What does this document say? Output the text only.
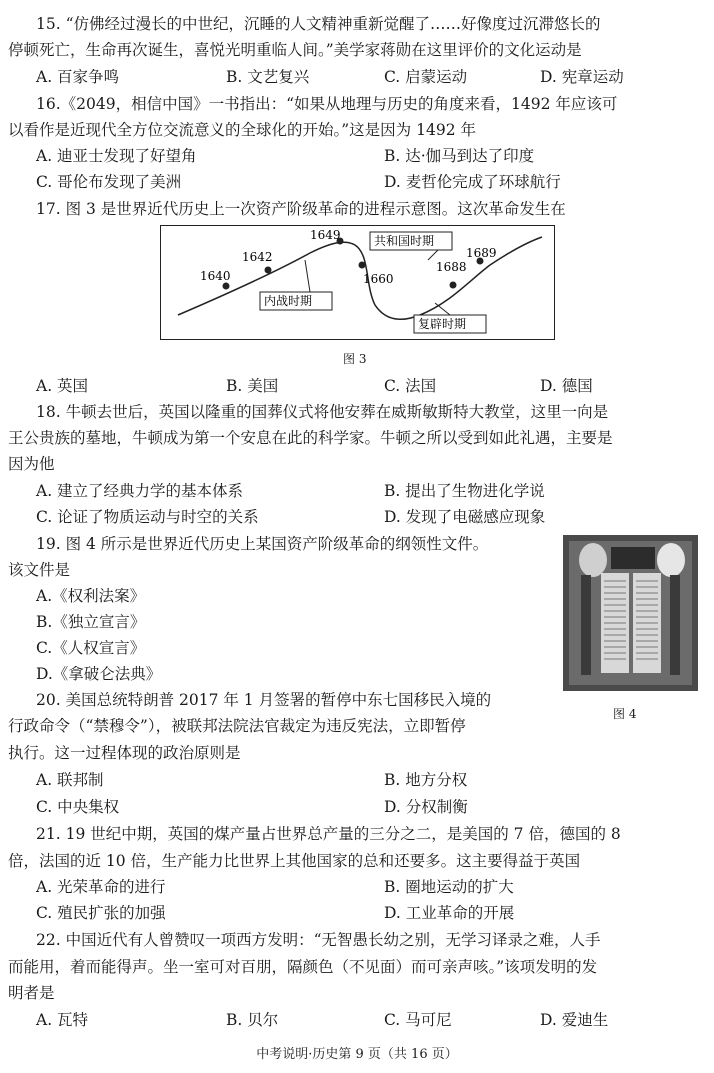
15. “仿佛经过漫长的中世纪，沉睡的人文精神重新觉醒了……好像度过沉滞悠长的
停顿死亡，生命再次诞生，喜悦光明重临人间。”美学家蒋勋在这里评价的文化运动是
A. 百家争鸣	B. 文艺复兴	C. 启蒙运动	D. 宪章运动
16.《2049，相信中国》一书指出：“如果从地理与历史的角度来看，1492 年应该可
以看作是近现代全方位交流意义的全球化的开始。”这是因为 1492 年
A. 迪亚士发现了好望角	B. 达·伽马到达了印度
C. 哥伦布发现了美洲	D. 麦哲伦完成了环球航行
17. 图 3 是世界近代历史上一次资产阶级革命的进程示意图。这次革命发生在
1640
1642
1649
1660
1688
1689
共和国时期
内战时期
复辟时期
图 3
A. 英国	B. 美国	C. 法国	D. 德国
18. 牛顿去世后，英国以隆重的国葬仪式将他安葬在威斯敏斯特大教堂，这里一向是
王公贵族的墓地，牛顿成为第一个安息在此的科学家。牛顿之所以受到如此礼遇，主要是
因为他
A. 建立了经典力学的基本体系	B. 提出了生物进化学说
C. 论证了物质运动与时空的关系	D. 发现了电磁感应现象
19. 图 4 所示是世界近代历史上某国资产阶级革命的纲领性文件。
该文件是
A.《权利法案》
B.《独立宣言》
C.《人权宣言》
D.《拿破仑法典》
图 4
20. 美国总统特朗普 2017 年 1 月签署的暂停中东七国移民入境的
行政命令（“禁穆令”），被联邦法院法官裁定为违反宪法，立即暂停
执行。这一过程体现的政治原则是
A. 联邦制	B. 地方分权
C. 中央集权	D. 分权制衡
21. 19 世纪中期，英国的煤产量占世界总产量的三分之二，是美国的 7 倍，德国的 8
倍，法国的近 10 倍，生产能力比世界上其他国家的总和还要多。这主要得益于英国
A. 光荣革命的进行	B. 圈地运动的扩大
C. 殖民扩张的加强	D. 工业革命的开展
22. 中国近代有人曾赞叹一项西方发明：“无智愚长幼之别，无学习译录之难，人手
而能用，着而能得声。坐一室可对百朋，隔颜色（不见面）而可亲声咳。”该项发明的发
明者是
A. 瓦特	B. 贝尔	C. 马可尼	D. 爱迪生
中考说明·历史第 9 页（共 16 页）
